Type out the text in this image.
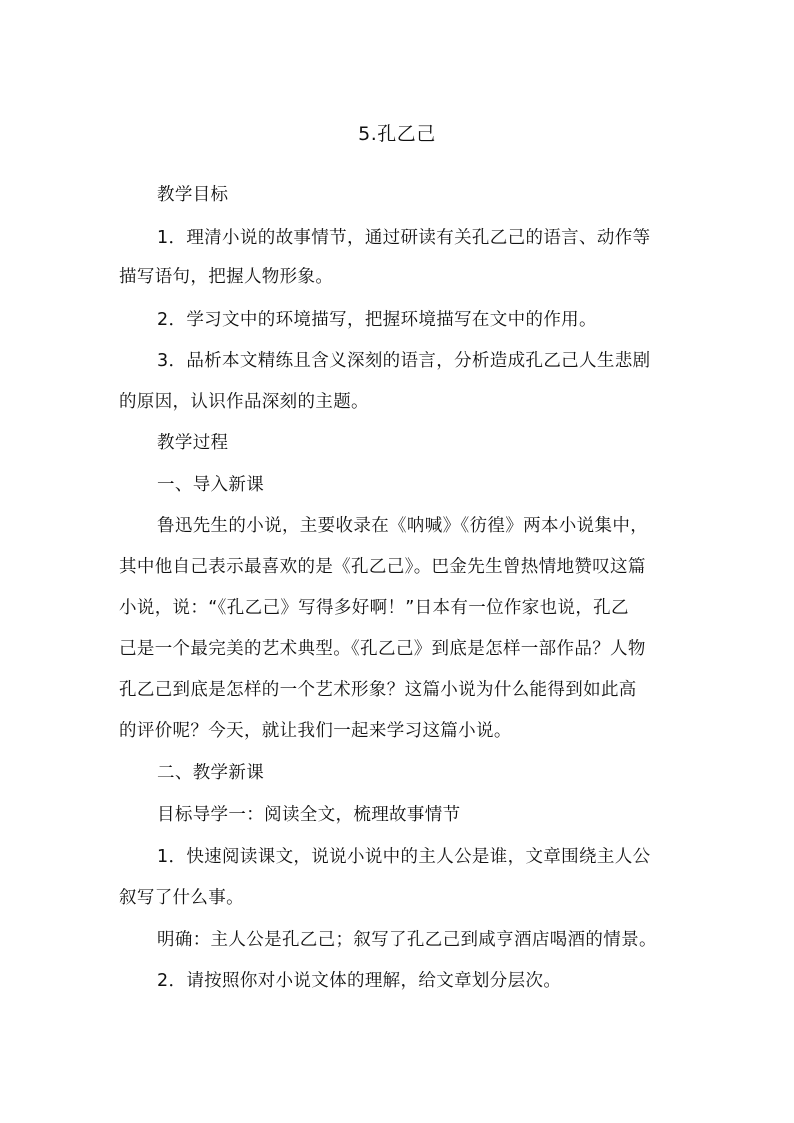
5.孔乙己
教学目标
1．理清小说的故事情节，通过研读有关孔乙己的语言、动作等
描写语句，把握人物形象。
2．学习文中的环境描写，把握环境描写在文中的作用。
3．品析本文精练且含义深刻的语言，分析造成孔乙己人生悲剧
的原因，认识作品深刻的主题。
教学过程
一、导入新课
鲁迅先生的小说，主要收录在《呐喊》《彷徨》两本小说集中，
其中他自己表示最喜欢的是《孔乙己》。巴金先生曾热情地赞叹这篇
小说，说：“《孔乙己》写得多好啊！”日本有一位作家也说，孔乙
己是一个最完美的艺术典型。《孔乙己》到底是怎样一部作品？人物
孔乙己到底是怎样的一个艺术形象？这篇小说为什么能得到如此高
的评价呢？今天，就让我们一起来学习这篇小说。
二、教学新课
目标导学一：阅读全文，梳理故事情节
1．快速阅读课文，说说小说中的主人公是谁，文章围绕主人公
叙写了什么事。
明确：主人公是孔乙己；叙写了孔乙己到咸亨酒店喝酒的情景。
2．请按照你对小说文体的理解，给文章划分层次。
